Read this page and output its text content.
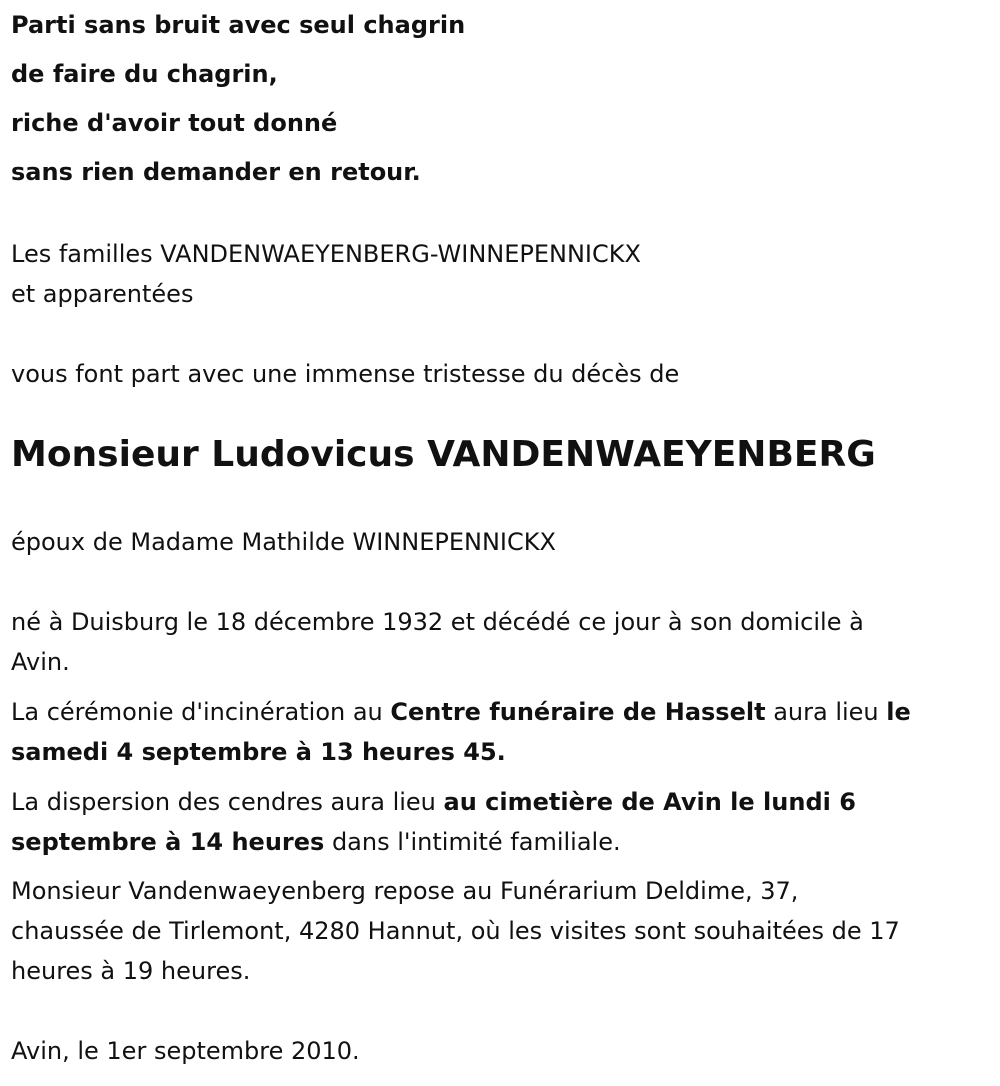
Parti sans bruit avec seul chagrin
de faire du chagrin,
riche d'avoir tout donné
sans rien demander en retour.
Les familles VANDENWAEYENBERG-WINNEPENNICKX
et apparentées
vous font part avec une immense tristesse du décès de
Monsieur Ludovicus VANDENWAEYENBERG
époux de Madame Mathilde WINNEPENNICKX
né à Duisburg le 18 décembre 1932 et décédé ce jour à son domicile à
Avin.
La cérémonie d'incinération au Centre funéraire de Hasselt aura lieu le
samedi 4 septembre à 13 heures 45.
La dispersion des cendres aura lieu au cimetière de Avin le lundi 6
septembre à 14 heures dans l'intimité familiale.
Monsieur Vandenwaeyenberg repose au Funérarium Deldime, 37,
chaussée de Tirlemont, 4280 Hannut, où les visites sont souhaitées de 17
heures à 19 heures.
Avin, le 1er septembre 2010.
